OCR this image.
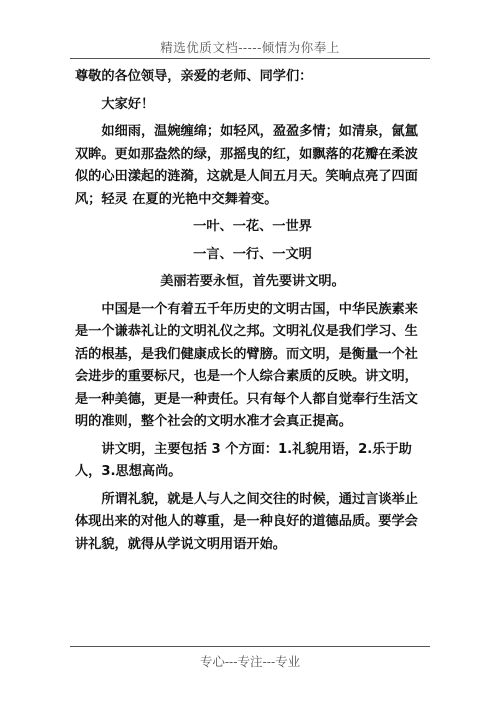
精选优质文档-----倾情为你奉上

尊敬的各位领导，亲爱的老师、同学们：

大家好！

如细雨，温婉缠绵；如轻风，盈盈多情；如清泉，氤氲双眸。更如那盎然的绿，那摇曳的红，如飘落的花瓣在柔波似的心田漾起的涟漪，这就是人间五月天。笑晌点亮了四面风；轻灵 在夏的光艳中交舞着变。

一叶、一花、一世界

一言、一行、一文明

美丽若要永恒，首先要讲文明。

中国是一个有着五千年历史的文明古国，中华民族素来是一个谦恭礼让的文明礼仪之邦。文明礼仪是我们学习、生活的根基，是我们健康成长的臂膀。而文明，是衡量一个社会进步的重要标尺，也是一个人综合素质的反映。讲文明，是一种美德，更是一种责任。只有每个人都自觉奉行生活文明的准则，整个社会的文明水准才会真正提高。

讲文明，主要包括 3 个方面：1.礼貌用语，2.乐于助人，3.思想高尚。

所谓礼貌，就是人与人之间交往的时候，通过言谈举止体现出来的对他人的尊重，是一种良好的道德品质。要学会讲礼貌，就得从学说文明用语开始。

专心---专注---专业
